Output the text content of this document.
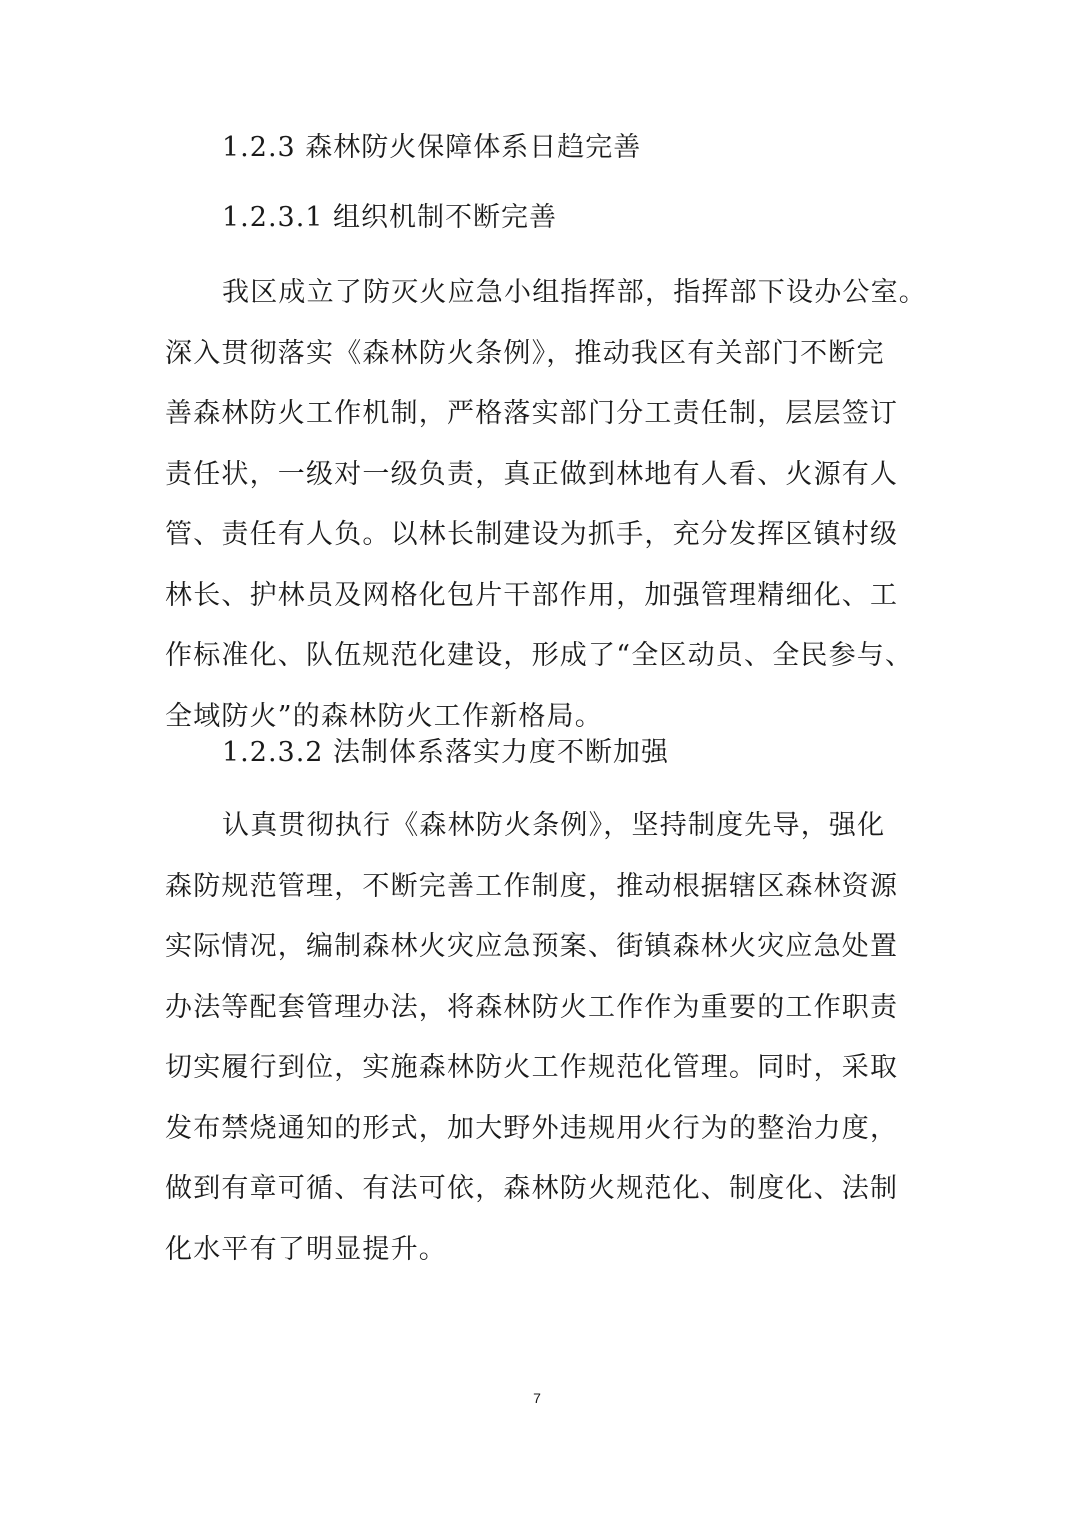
1.2.3 森林防火保障体系日趋完善
1.2.3.1 组织机制不断完善
我区成立了防灭火应急小组指挥部，指挥部下设办公室。
深入贯彻落实《森林防火条例》，推动我区有关部门不断完
善森林防火工作机制，严格落实部门分工责任制，层层签订
责任状，一级对一级负责，真正做到林地有人看、火源有人
管、责任有人负。以林长制建设为抓手，充分发挥区镇村级
林长、护林员及网格化包片干部作用，加强管理精细化、工
作标准化、队伍规范化建设，形成了“全区动员、全民参与、
全域防火”的森林防火工作新格局。
1.2.3.2 法制体系落实力度不断加强
认真贯彻执行《森林防火条例》，坚持制度先导，强化
森防规范管理，不断完善工作制度，推动根据辖区森林资源
实际情况，编制森林火灾应急预案、街镇森林火灾应急处置
办法等配套管理办法，将森林防火工作作为重要的工作职责
切实履行到位，实施森林防火工作规范化管理。同时，采取
发布禁烧通知的形式，加大野外违规用火行为的整治力度，
做到有章可循、有法可依，森林防火规范化、制度化、法制
化水平有了明显提升。
7
